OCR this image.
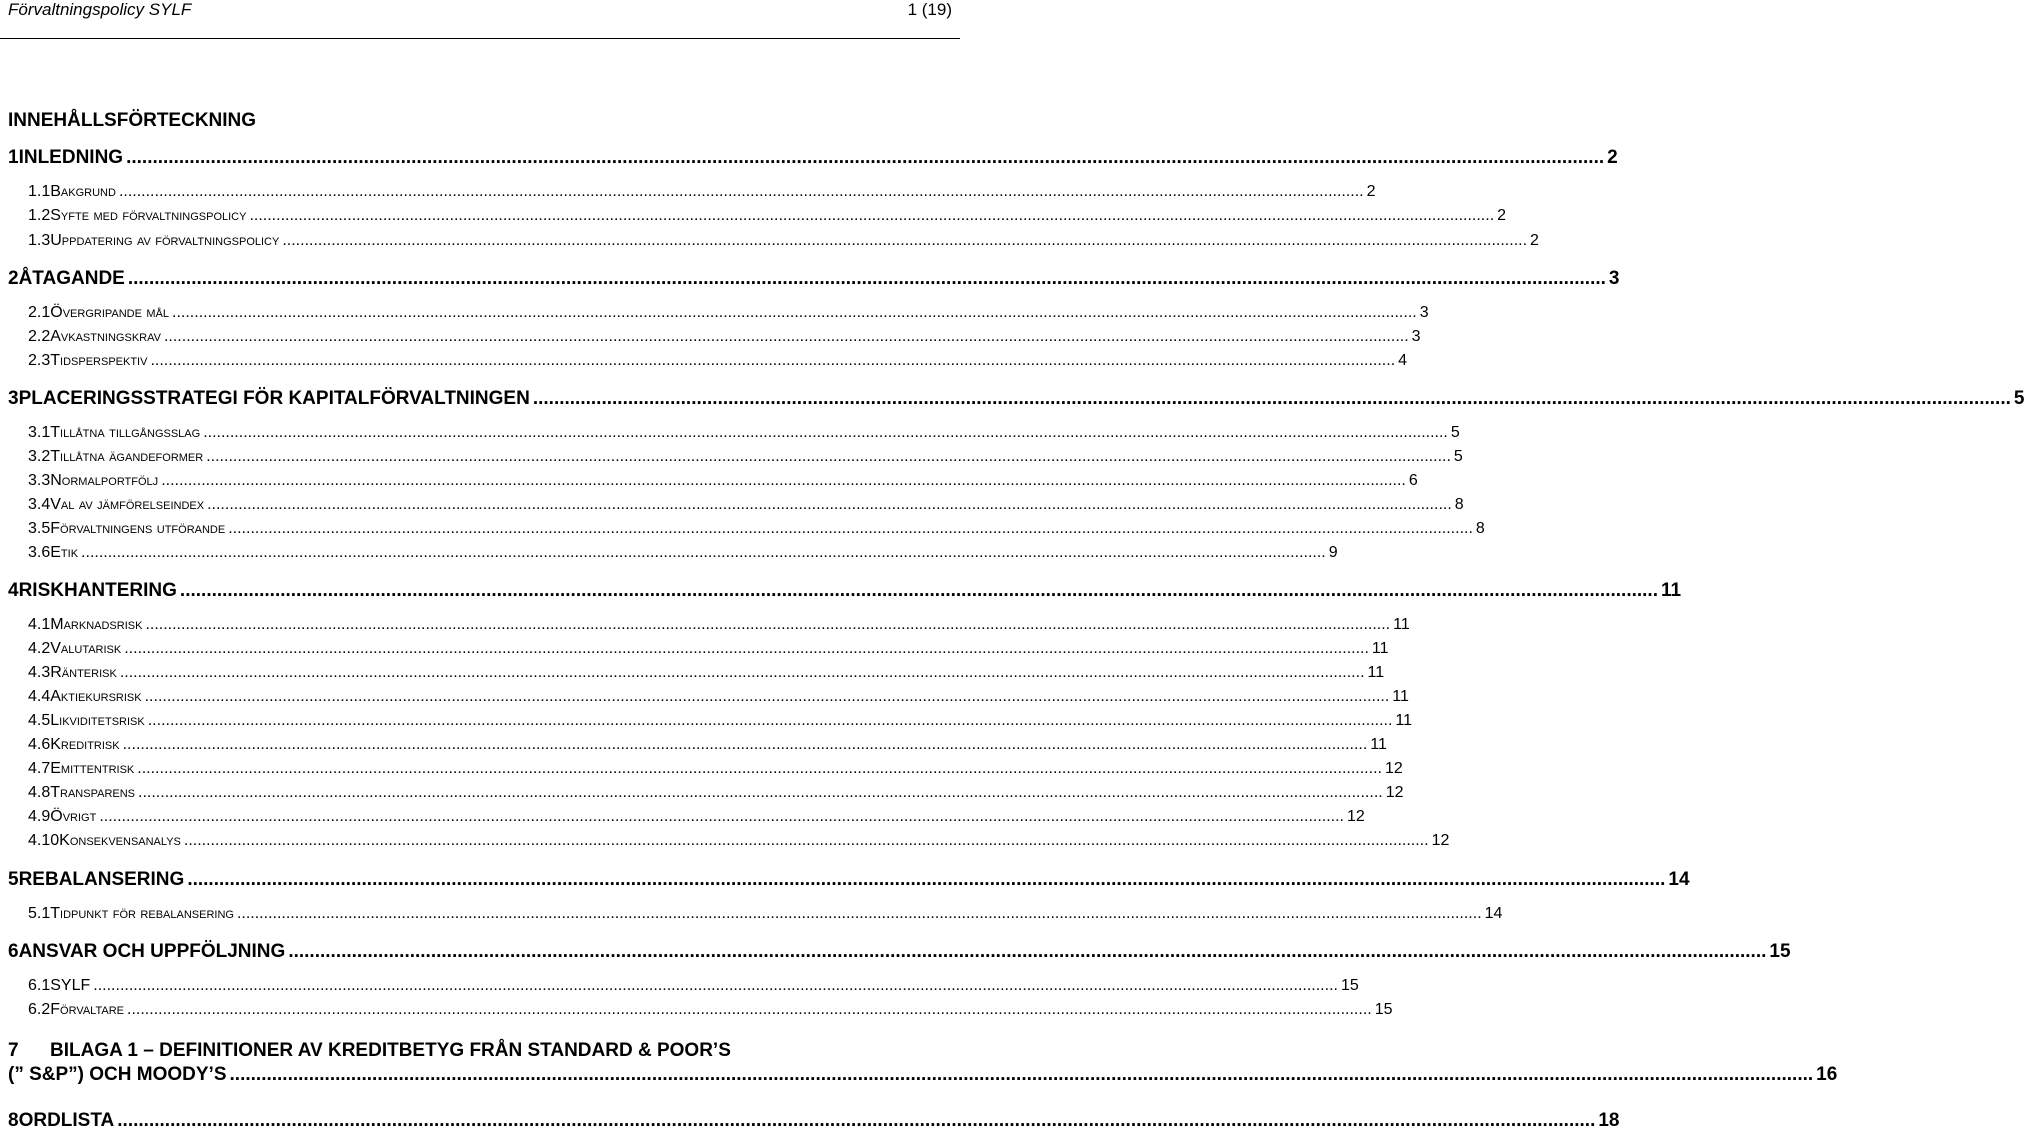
Förvaltningspolicy SYLF	1 (19)
INNEHÅLLSFÖRTECKNING
1 INLEDNING .....	2
1.1 Bakgrund .....	2
1.2 Syfte med förvaltningspolicy .....	2
1.3 Uppdatering av förvaltningspolicy .....	2
2 ÅTAGANDE .....	3
2.1 Övergripande mål .....	3
2.2 Avkastningskrav .....	3
2.3 Tidsperspektiv .....	4
3 PLACERINGSSTRATEGI FÖR KAPITALFÖRVALTNINGEN .....	5
3.1 Tillåtna tillgångsslag .....	5
3.2 Tillåtna ägandeformer .....	5
3.3 Normalportfölj .....	6
3.4 Val av jämförelseindex .....	8
3.5 Förvaltningens utförande .....	8
3.6 Etik .....	9
4 RISKHANTERING .....	11
4.1 Marknadsrisk .....	11
4.2 Valutarisk .....	11
4.3 Ränterisk .....	11
4.4 Aktiekursrisk .....	11
4.5 Likviditetsrisk .....	11
4.6 Kreditrisk .....	11
4.7 Emittentrisk .....	12
4.8 Transparens .....	12
4.9 Övrigt .....	12
4.10 Konsekvensanalys .....	12
5 REBALANSERING .....	14
5.1 Tidpunkt för rebalansering .....	14
6 ANSVAR OCH UPPFÖLJNING .....	15
6.1 SYLF .....	15
6.2 Förvaltare .....	15
7 BILAGA 1 – DEFINITIONER AV KREDITBETYG FRÅN STANDARD & POOR’S
(” S&P”) OCH MOODY’S ............................................................................................................................................................................................................................................................................................................ 16
8 ORDLISTA .....	18
